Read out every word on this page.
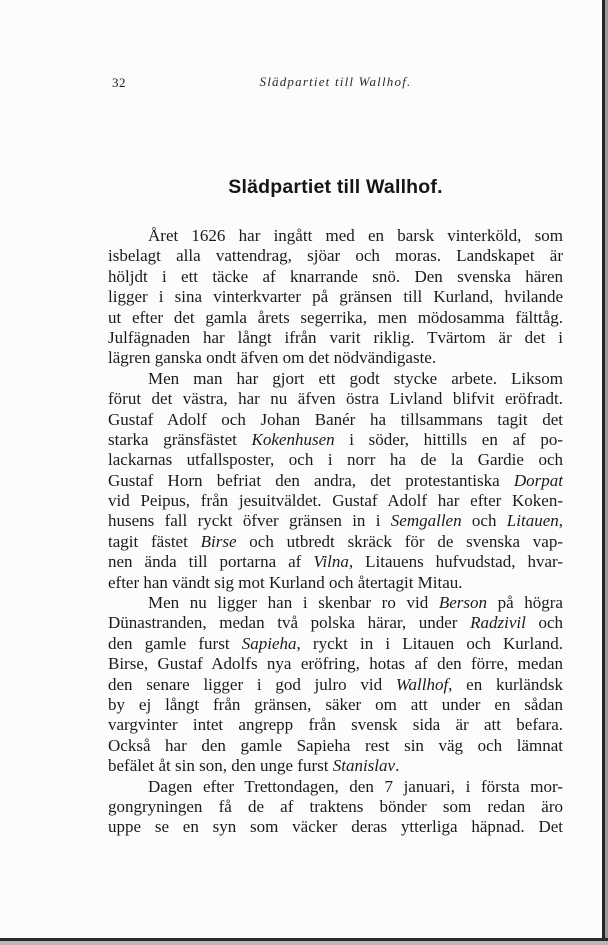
32	Slädpartiet till Wallhof.
Slädpartiet till Wallhof.
Året 1626 har ingått med en barsk vinterköld, som
isbelagt alla vattendrag, sjöar och moras. Landskapet är
höljdt i ett täcke af knarrande snö. Den svenska hären
ligger i sina vinterkvarter på gränsen till Kurland, hvilande
ut efter det gamla årets segerrika, men mödosamma fälttåg.
Julfägnaden har långt ifrån varit riklig. Tvärtom är det i
lägren ganska ondt äfven om det nödvändigaste.
Men man har gjort ett godt stycke arbete. Liksom
förut det västra, har nu äfven östra Livland blifvit eröfradt.
Gustaf Adolf och Johan Banér ha tillsammans tagit det
starka gränsfästet Kokenhusen i söder, hittills en af po-
lackarnas utfallsposter, och i norr ha de la Gardie och
Gustaf Horn befriat den andra, det protestantiska Dorpat
vid Peipus, från jesuitväldet. Gustaf Adolf har efter Koken-
husens fall ryckt öfver gränsen in i Semgallen och Litauen,
tagit fästet Birse och utbredt skräck för de svenska vap-
nen ända till portarna af Vilna, Litauens hufvudstad, hvar-
efter han vändt sig mot Kurland och återtagit Mitau.
Men nu ligger han i skenbar ro vid Berson på högra
Dünastranden, medan två polska härar, under Radzivil och
den gamle furst Sapieha, ryckt in i Litauen och Kurland.
Birse, Gustaf Adolfs nya eröfring, hotas af den förre, medan
den senare ligger i god julro vid Wallhof, en kurländsk
by ej långt från gränsen, säker om att under en sådan
vargvinter intet angrepp från svensk sida är att befara.
Också har den gamle Sapieha rest sin väg och lämnat
befälet åt sin son, den unge furst Stanislav.
Dagen efter Trettondagen, den 7 januari, i första mor-
gongryningen få de af traktens bönder som redan äro
uppe se en syn som väcker deras ytterliga häpnad. Det
